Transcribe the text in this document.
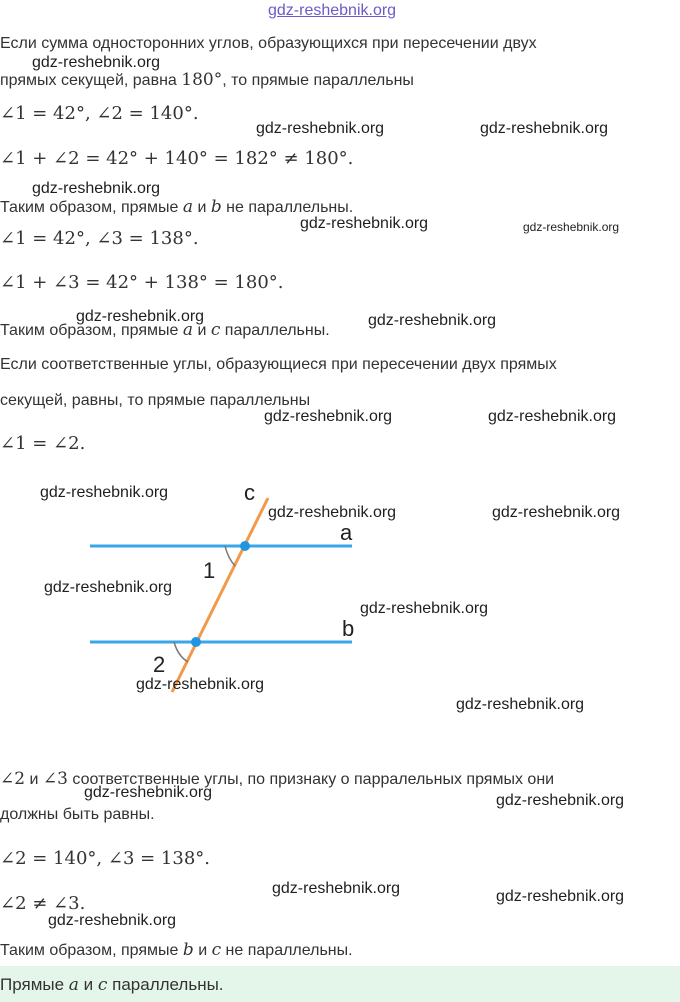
gdz-reshebnik.org
Если сумма односторонних углов, образующихся при пересечении двух
прямых секущей, равна 180°, то прямые параллельны
∠1 = 42°, ∠2 = 140°.
∠1 + ∠2 = 42° + 140° = 182° ≠ 180°.
Таким образом, прямые a и b не параллельны.
∠1 = 42°, ∠3 = 138°.
∠1 + ∠3 = 42° + 138° = 180°.
Таким образом, прямые a и c параллельны.
Если соответственные углы, образующиеся при пересечении двух прямых
секущей, равны, то прямые параллельны
∠1 = ∠2.
c
a
b
1
2
∠2 и ∠3 соответственные углы, по признаку о парралельных прямых они
должны быть равны.
∠2 = 140°, ∠3 = 138°.
∠2 ≠ ∠3.
Таким образом, прямые b и c не параллельны.
Прямые a и c параллельны.
gdz-reshebnik.org
gdz-reshebnik.org	gdz-reshebnik.org
gdz-reshebnik.org
gdz-reshebnik.org	gdz-reshebnik.org
gdz-reshebnik.org	gdz-reshebnik.org
gdz-reshebnik.org	gdz-reshebnik.org
gdz-reshebnik.org
gdz-reshebnik.org	gdz-reshebnik.org
gdz-reshebnik.org
gdz-reshebnik.org
gdz-reshebnik.org
gdz-reshebnik.org
gdz-reshebnik.org	gdz-reshebnik.org
gdz-reshebnik.org	gdz-reshebnik.org
gdz-reshebnik.org
